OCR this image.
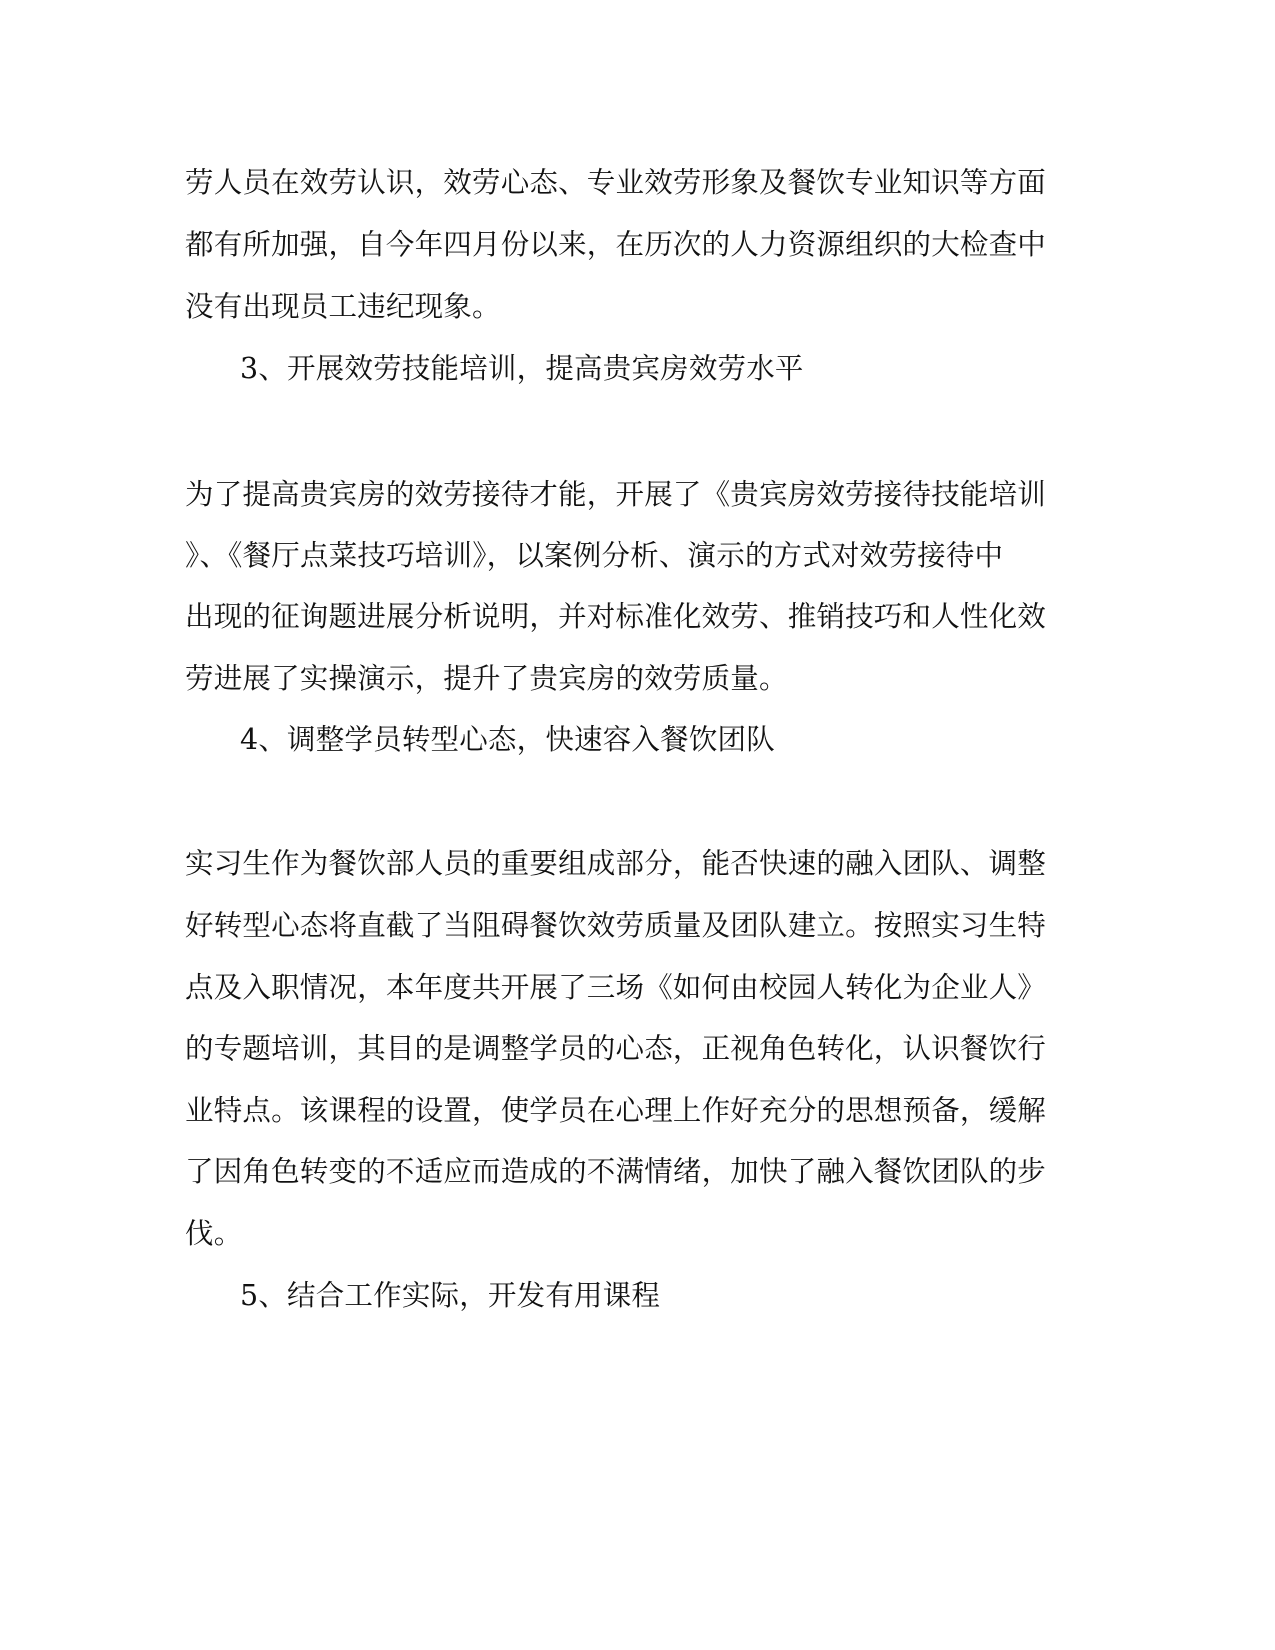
劳人员在效劳认识，效劳心态、专业效劳形象及餐饮专业知识等方面

都有所加强，自今年四月份以来，在历次的人力资源组织的大检查中

没有出现员工违纪现象。

3、开展效劳技能培训，提高贵宾房效劳水平

为了提高贵宾房的效劳接待才能，开展了《贵宾房效劳接待技能培训

》、《餐厅点菜技巧培训》，以案例分析、演示的方式对效劳接待中

出现的征询题进展分析说明，并对标准化效劳、推销技巧和人性化效

劳进展了实操演示，提升了贵宾房的效劳质量。

4、调整学员转型心态，快速容入餐饮团队

实习生作为餐饮部人员的重要组成部分，能否快速的融入团队、调整

好转型心态将直截了当阻碍餐饮效劳质量及团队建立。按照实习生特

点及入职情况，本年度共开展了三场《如何由校园人转化为企业人》

的专题培训，其目的是调整学员的心态，正视角色转化，认识餐饮行

业特点。该课程的设置，使学员在心理上作好充分的思想预备，缓解

了因角色转变的不适应而造成的不满情绪，加快了融入餐饮团队的步

伐。

5、结合工作实际，开发有用课程
